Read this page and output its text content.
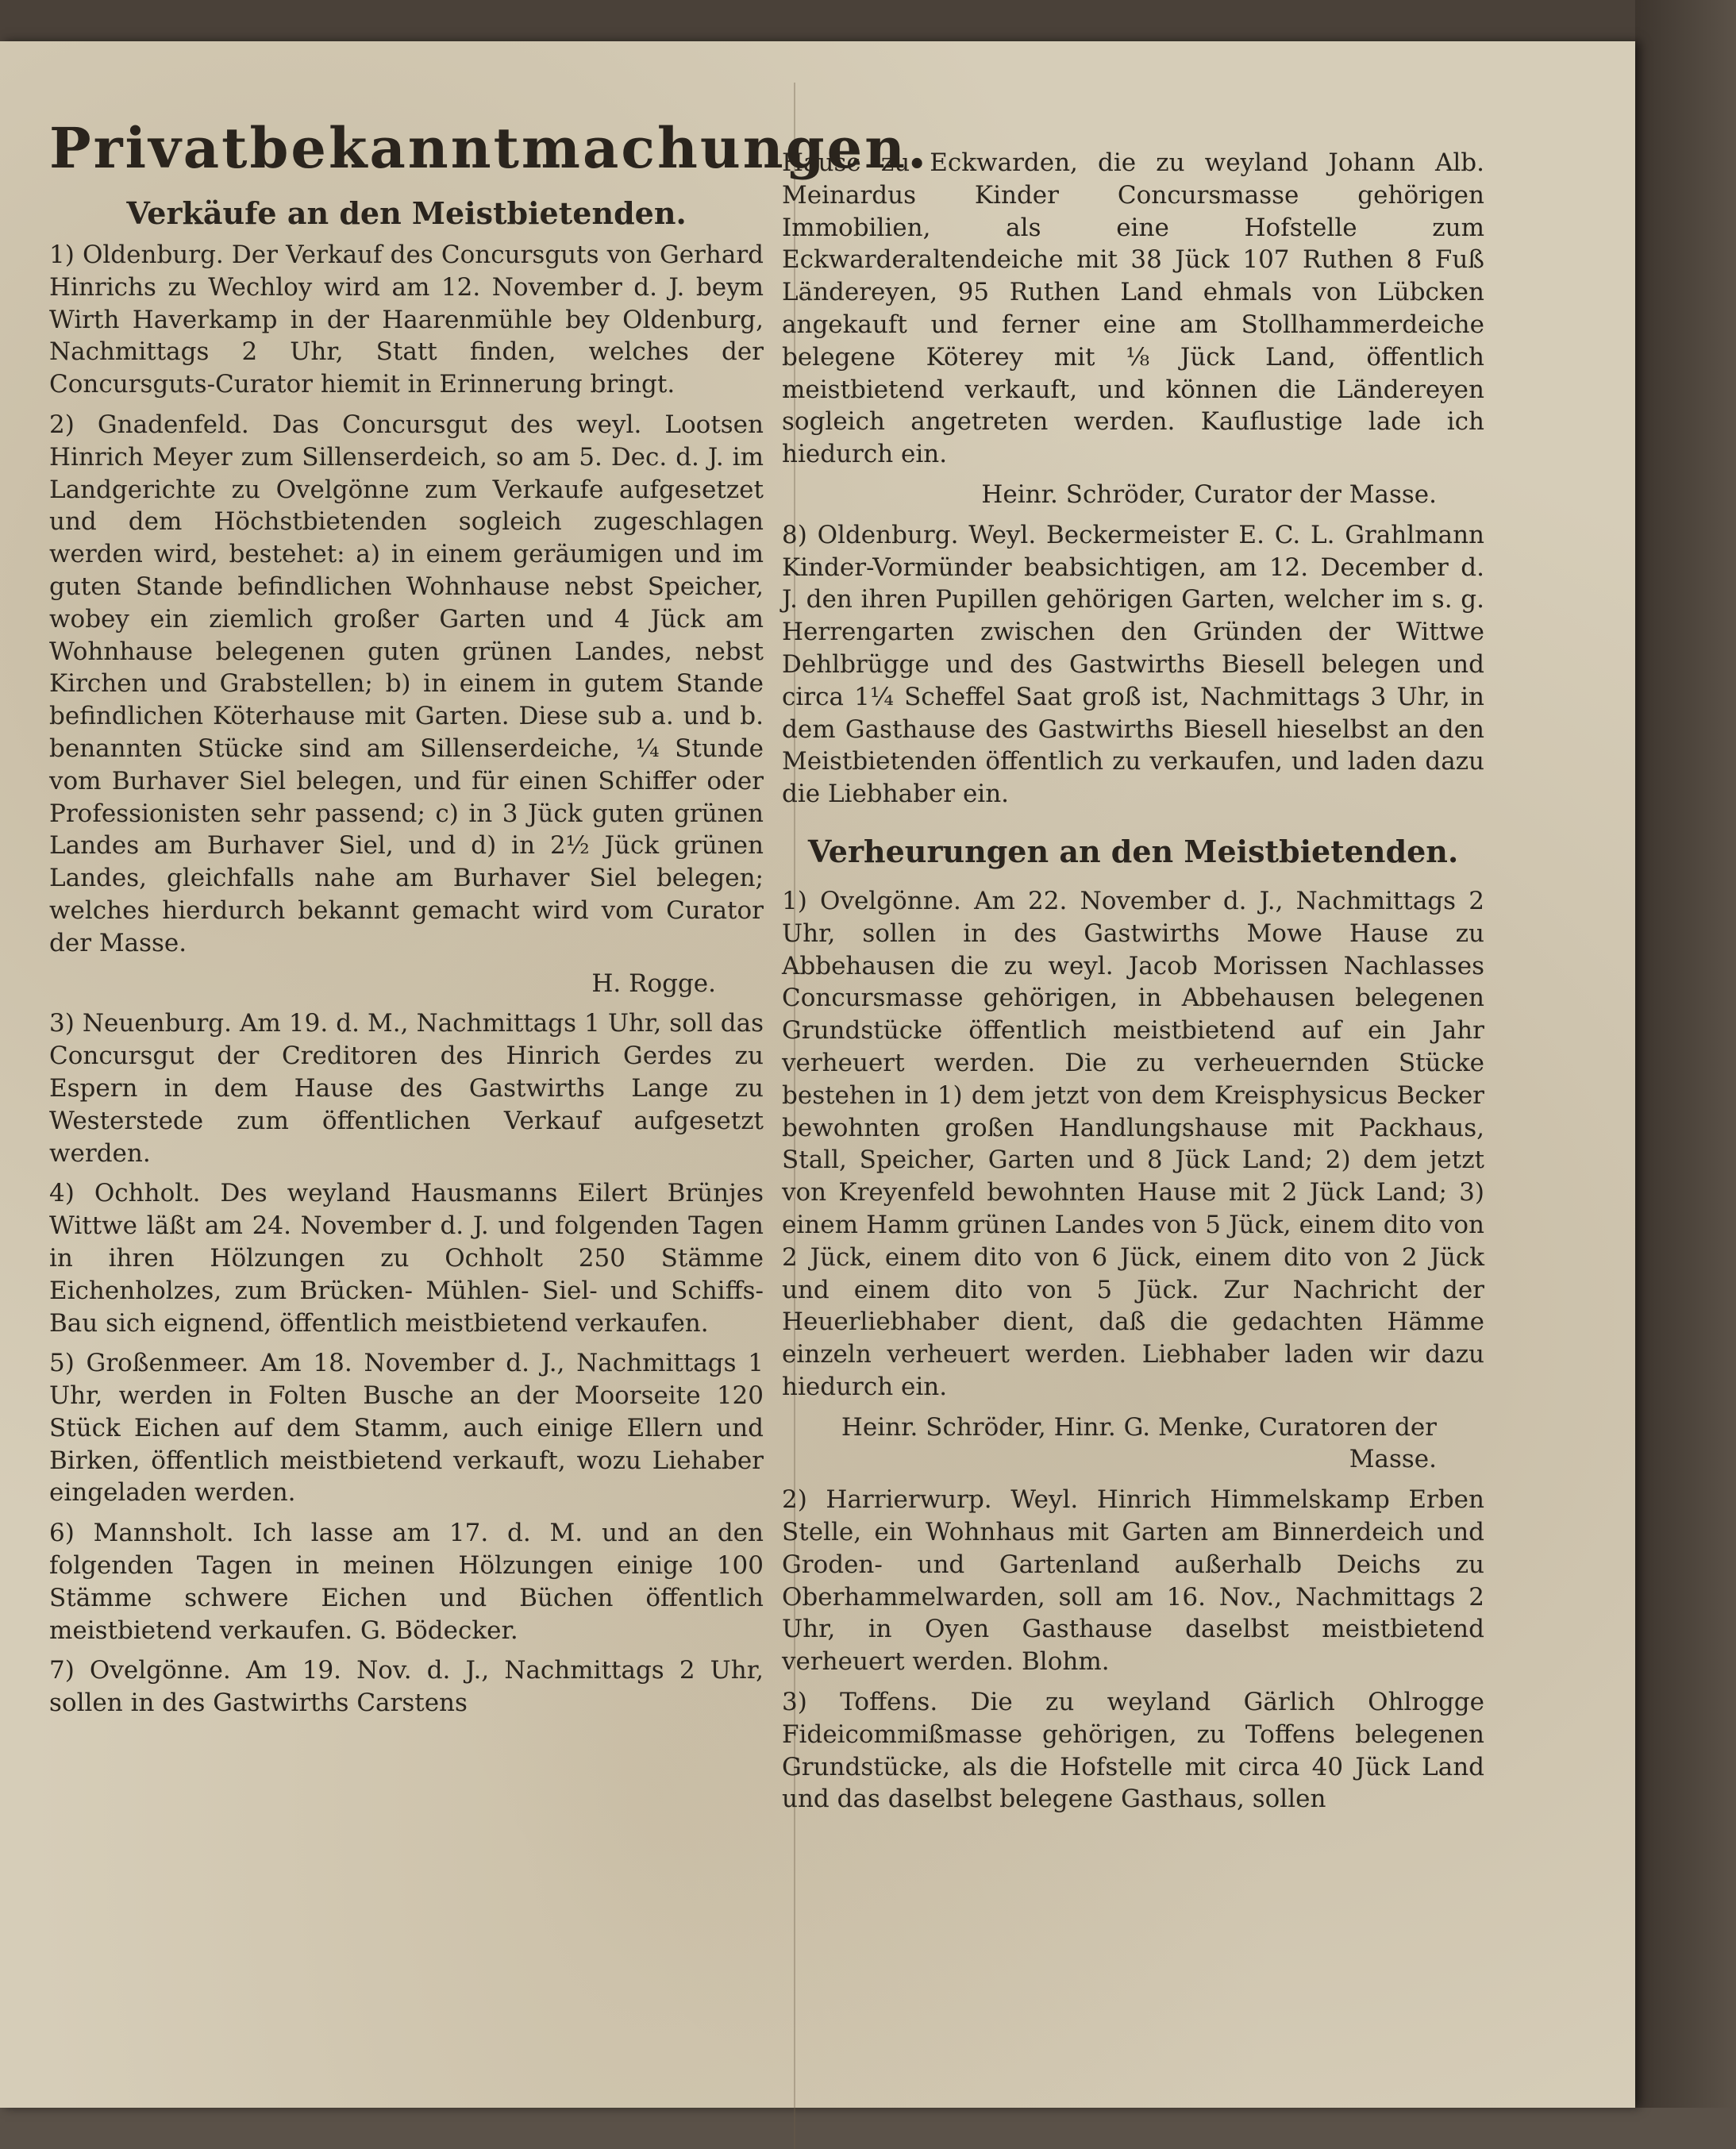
Privatbekanntmachungen.
Verkäufe an den Meistbietenden.

1) Oldenburg. Der Verkauf des Concursguts von Gerhard Hinrichs zu Wechloy wird am 12. November d. J. beym Wirth Haverkamp in der Haarenmühle bey Oldenburg, Nachmittags 2 Uhr, Statt finden, welches der Concursguts-Curator hiemit in Erinnerung bringt.

2) Gnadenfeld. Das Concursgut des weyl. Lootsen Hinrich Meyer zum Sillenserdeich, so am 5. Dec. d. J. im Landgerichte zu Ovelgönne zum Verkaufe aufgesetzet und dem Höchstbietenden sogleich zugeschlagen werden wird, bestehet: a) in einem geräumigen und im guten Stande befindlichen Wohnhause nebst Speicher, wobey ein ziemlich großer Garten und 4 Jück am Wohnhause belegenen guten grünen Landes, nebst Kirchen und Grabstellen; b) in einem in gutem Stande befindlichen Köterhause mit Garten. Diese sub a. und b. benannten Stücke sind am Sillenserdeiche, ¼ Stunde vom Burhaver Siel belegen, und für einen Schiffer oder Professionisten sehr passend; c) in 3 Jück guten grünen Landes am Burhaver Siel, und d) in 2½ Jück grünen Landes, gleichfalls nahe am Burhaver Siel belegen; welches hierdurch bekannt gemacht wird vom Curator der Masse.

H. Rogge.

3) Neuenburg. Am 19. d. M., Nachmittags 1 Uhr, soll das Concursgut der Creditoren des Hinrich Gerdes zu Espern in dem Hause des Gastwirths Lange zu Westerstede zum öffentlichen Verkauf aufgesetzt werden.

4) Ochholt. Des weyland Hausmanns Eilert Brünjes Wittwe läßt am 24. November d. J. und folgenden Tagen in ihren Hölzungen zu Ochholt 250 Stämme Eichenholzes, zum Brücken- Mühlen- Siel- und Schiffs-Bau sich eignend, öffentlich meistbietend verkaufen.

5) Großenmeer. Am 18. November d. J., Nachmittags 1 Uhr, werden in Folten Busche an der Moorseite 120 Stück Eichen auf dem Stamm, auch einige Ellern und Birken, öffentlich meistbietend verkauft, wozu Liehaber eingeladen werden.

6) Mannsholt. Ich lasse am 17. d. M. und an den folgenden Tagen in meinen Hölzungen einige 100 Stämme schwere Eichen und Büchen öffentlich meistbietend verkaufen. G. Bödecker.

7) Ovelgönne. Am 19. Nov. d. J., Nachmittags 2 Uhr, sollen in des Gastwirths Carstens

Hause zu Eckwarden, die zu weyland Johann Alb. Meinardus Kinder Concursmasse gehörigen Immobilien, als eine Hofstelle zum Eckwarderaltendeiche mit 38 Jück 107 Ruthen 8 Fuß Ländereyen, 95 Ruthen Land ehmals von Lübcken angekauft und ferner eine am Stollhammerdeiche belegene Köterey mit ⅛ Jück Land, öffentlich meistbietend verkauft, und können die Ländereyen sogleich angetreten werden. Kauflustige lade ich hiedurch ein.

Heinr. Schröder, Curator der Masse.

8) Oldenburg. Weyl. Beckermeister E. C. L. Grahlmann Kinder-Vormünder beabsichtigen, am 12. December d. J. den ihren Pupillen gehörigen Garten, welcher im s. g. Herrengarten zwischen den Gründen der Wittwe Dehlbrügge und des Gastwirths Biesell belegen und circa 1¼ Scheffel Saat groß ist, Nachmittags 3 Uhr, in dem Gasthause des Gastwirths Biesell hieselbst an den Meistbietenden öffentlich zu verkaufen, und laden dazu die Liebhaber ein.

Verheurungen an den Meistbietenden.

1) Ovelgönne. Am 22. November d. J., Nachmittags 2 Uhr, sollen in des Gastwirths Mowe Hause zu Abbehausen die zu weyl. Jacob Morissen Nachlasses Concursmasse gehörigen, in Abbehausen belegenen Grundstücke öffentlich meistbietend auf ein Jahr verheuert werden. Die zu verheuernden Stücke bestehen in 1) dem jetzt von dem Kreisphysicus Becker bewohnten großen Handlungshause mit Packhaus, Stall, Speicher, Garten und 8 Jück Land; 2) dem jetzt von Kreyenfeld bewohnten Hause mit 2 Jück Land; 3) einem Hamm grünen Landes von 5 Jück, einem dito von 2 Jück, einem dito von 6 Jück, einem dito von 2 Jück und einem dito von 5 Jück. Zur Nachricht der Heuerliebhaber dient, daß die gedachten Hämme einzeln verheuert werden. Liebhaber laden wir dazu hiedurch ein.

Heinr. Schröder, Hinr. G. Menke, Curatoren der Masse.

2) Harrierwurp. Weyl. Hinrich Himmelskamp Erben Stelle, ein Wohnhaus mit Garten am Binnerdeich und Groden- und Gartenland außerhalb Deichs zu Oberhammelwarden, soll am 16. Nov., Nachmittags 2 Uhr, in Oyen Gasthause daselbst meistbietend verheuert werden. Blohm.

3) Toffens. Die zu weyland Gärlich Ohlrogge Fideicommißmasse gehörigen, zu Toffens belegenen Grundstücke, als die Hofstelle mit circa 40 Jück Land und das daselbst belegene Gasthaus, sollen
